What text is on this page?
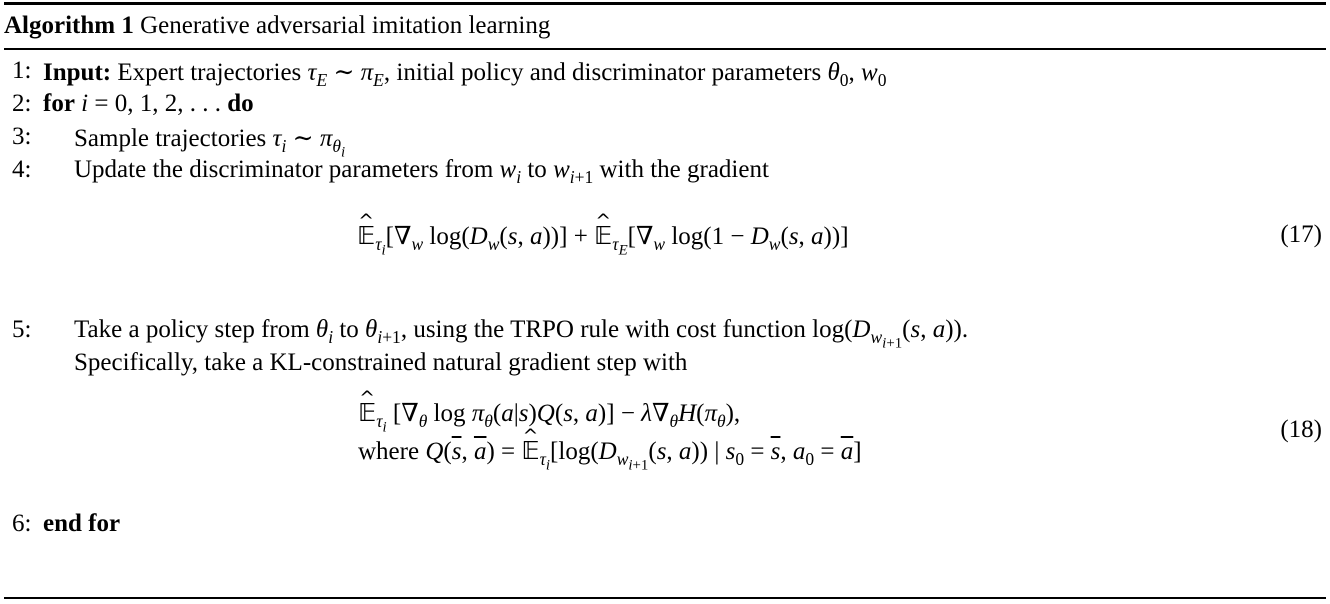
Algorithm 1 Generative adversarial imitation learning
1: Input: Expert trajectories $\tau_E$ ∼ $\pi_E$, initial policy and discriminator parameters $\theta_0$, $w_0$
2: for i = 0, 1, 2, . . . do
3: Sample trajectories $\tau_i$ ∼ $\pi_{\theta_i}$
4: Update the discriminator parameters from $w_i$ to $w_{i+1}$ with the gradient
^ $𝔼_{\tau_i}[\nabla_w$ $\log(D_w(s$, a))] + ^ $𝔼_{\tau_E}[\nabla_w$ $\log(1 - D_w(s$, a))]	(17)
5: Take a policy step from $\theta_i$ to $\theta_{i+1}$, using the TRPO rule with cost function $\log(D_{w_{i+1}}(s$, a)).
Specifically, take a KL-constrained natural gradient step with
^ 𝔼$_{\tau_i}$ [$\nabla_\theta$ $\log \pi_\theta(a|s)Q(s$, $a)] - \lambda\nabla_\theta H(\pi_\theta)$,
where $Q(\overline{s}$, $\overline{a}$) = ^ $𝔼_{\tau_i}[\log(D_{w_{i+1}}(s$, a)) | $s_0 = \overline{s}$, $a_0 = \overline{a}$]
(18)
6: end for
